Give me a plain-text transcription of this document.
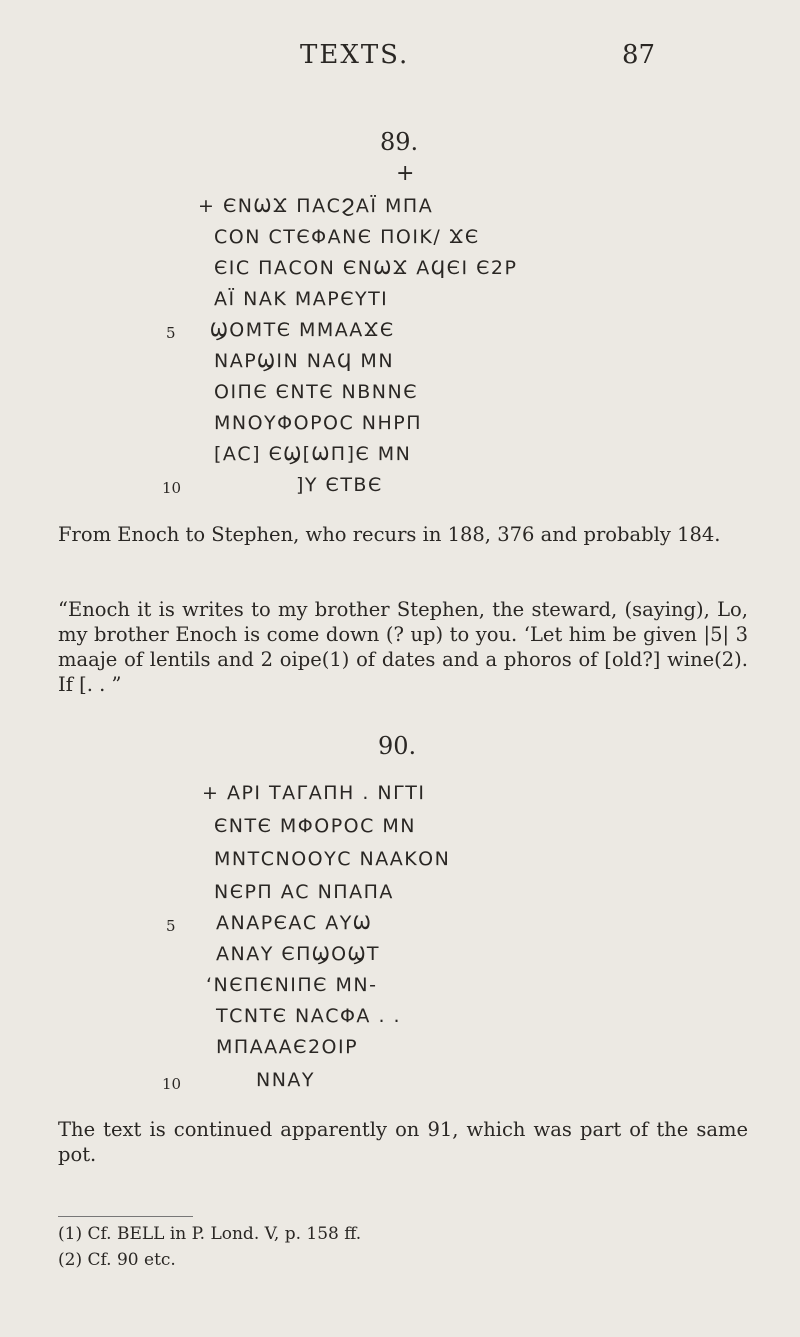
TEXTS.	87
89.
+
+ ЄΝѠϪ ΠΑϹϨΑΪ ΜΠΑ
ϹΟΝ ϹΤЄΦΑΝЄ ΠΟΙΚ/ ϪЄ
ЄΙϹ ΠΑϹΟΝ ЄΝѠϪ ΑϤЄΙ Є2Ρ
ΑΪ ΝΑΚ ΜΑΡЄΥΤΙ
5 ϢΟΜΤЄ ΜΜΑΑϪЄ
ΝΑΡϢΙΝ ΝΑϤ ΜΝ
ΟΙΠЄ ЄΝΤЄ ΝΒΝΝЄ
ΜΝΟΥΦΟΡΟϹ ΝΗΡΠ
[ΑϹ] ЄϢ[ѠΠ]Є ΜΝ
10	]Υ ЄΤΒЄ
From Enoch to Stephen, who recurs in 188, 376 and probably 184.
“Enoch it is writes to my brother Stephen, the steward, (saying), Lo, my brother Enoch is come down (? up) to you. ‘Let him be given |5| 3 maaje of lentils and 2 oipe(1) of dates and a phoros of [old?] wine(2). If [. . ”
90.
+ ΑΡΙ ΤΑΓΑΠΗ . ΝΓΤΙ
ЄΝΤЄ ΜΦΟΡΟϹ ΜΝ
ΜΝΤϹΝΟΟΥϹ ΝΑΑΚΟΝ
ΝЄΡΠ ΑϹ ΝΠΑΠΑ
5 ΑΝΑΡЄΑϹ ΑΥѠ
ΑΝΑΥ ЄΠϢΟϢΤ
‘ΝЄΠЄΝΙΠЄ ΜΝ-
ΤϹΝΤЄ ΝΑϹΦΑ . .
ΜΠΑΑΑЄ2ΟΙΡ
10	ΝΝΑΥ
The text is continued apparently on 91, which was part of the same pot.
(1) Cf. BELL in P. Lond. V, p. 158 ff.
(2) Cf. 90 etc.
